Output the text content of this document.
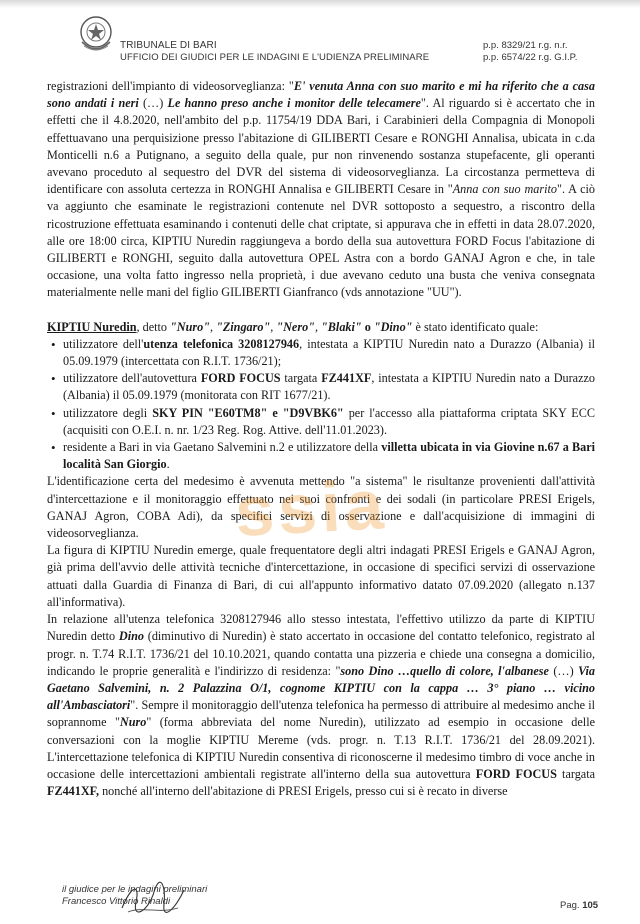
TRIBUNALE DI BARI
UFFICIO DEI GIUDICI PER LE INDAGINI E L'UDIENZA PRELIMINARE
p.p. 8329/21 r.g. n.r.
p.p. 6574/22 r.g. G.I.P.

registrazioni dell'impianto di videosorveglianza: "E' venuta Anna con suo marito e mi ha riferito che a casa sono andati i neri (…) Le hanno preso anche i monitor delle telecamere". Al riguardo si è accertato che in effetti che il 4.8.2020, nell'ambito del p.p. 11754/19 DDA Bari, i Carabinieri della Compagnia di Monopoli effettuavano una perquisizione presso l'abitazione di GILIBERTI Cesare e RONGHI Annalisa, ubicata in c.da Monticelli n.6 a Putignano, a seguito della quale, pur non rinvenendo sostanza stupefacente, gli operanti avevano proceduto al sequestro del DVR del sistema di videosorveglianza. La circostanza permetteva di identificare con assoluta certezza in RONGHI Annalisa e GILIBERTI Cesare in "Anna con suo marito". A ciò va aggiunto che esaminate le registrazioni contenute nel DVR sottoposto a sequestro, a riscontro della ricostruzione effettuata esaminando i contenuti delle chat criptate, si appurava che in effetti in data 28.07.2020, alle ore 18:00 circa, KIPTIU Nuredin raggiungeva a bordo della sua autovettura FORD Focus l'abitazione di GILIBERTI e RONGHI, seguito dalla autovettura OPEL Astra con a bordo GANAJ Agron e che, in tale occasione, una volta fatto ingresso nella proprietà, i due avevano ceduto una busta che veniva consegnata materialmente nelle mani del figlio GILIBERTI Gianfranco (vds annotazione "UU").

KIPTIU Nuredin, detto "Nuro", "Zingaro", "Nero", "Blaki" o "Dino" è stato identificato quale:

• utilizzatore dell'utenza telefonica 3208127946, intestata a KIPTIU Nuredin nato a Durazzo (Albania) il 05.09.1979 (intercettata con R.I.T. 1736/21);
• utilizzatore dell'autovettura FORD FOCUS targata FZ441XF, intestata a KIPTIU Nuredin nato a Durazzo (Albania) il 05.09.1979 (monitorata con RIT 1677/21).
• utilizzatore degli SKY PIN "E60TM8" e "D9VBK6" per l'accesso alla piattaforma criptata SKY ECC (acquisiti con O.E.I. n. nr. 1/23 Reg. Rog. Attive. dell'11.01.2023).
• residente a Bari in via Gaetano Salvemini n.2 e utilizzatore della villetta ubicata in via Giovine n.67 a Bari località San Giorgio.

L'identificazione certa del medesimo è avvenuta mettendo "a sistema" le risultanze provenienti dall'attività d'intercettazione e il monitoraggio effettuato nei suoi confronti e dei sodali (in particolare PRESI Erigels, GANAJ Agron, COBA Adi), da specifici servizi di osservazione e dall'acquisizione di immagini di videosorveglianza.

La figura di KIPTIU Nuredin emerge, quale frequentatore degli altri indagati PRESI Erigels e GANAJ Agron, già prima dell'avvio delle attività tecniche d'intercettazione, in occasione di specifici servizi di osservazione attuati dalla Guardia di Finanza di Bari, di cui all'appunto informativo datato 07.09.2020 (allegato n.137 all'informativa).

In relazione all'utenza telefonica 3208127946 allo stesso intestata, l'effettivo utilizzo da parte di KIPTIU Nuredin detto Dino (diminutivo di Nuredin) è stato accertato in occasione del contatto telefonico, registrato al progr. n. T.74 R.I.T. 1736/21 del 10.10.2021, quando contatta una pizzeria e chiede una consegna a domicilio, indicando le proprie generalità e l'indirizzo di residenza: "sono Dino …quello di colore, l'albanese (…) Via Gaetano Salvemini, n. 2 Palazzina O/1, cognome KIPTIU con la cappa … 3° piano … vicino all'Ambasciatori". Sempre il monitoraggio dell'utenza telefonica ha permesso di attribuire al medesimo anche il soprannome "Nuro" (forma abbreviata del nome Nuredin), utilizzato ad esempio in occasione delle conversazioni con la moglie KIPTIU Mereme (vds. progr. n. T.13 R.I.T. 1736/21 del 28.09.2021). L'intercettazione telefonica di KIPTIU Nuredin consentiva di riconoscerne il medesimo timbro di voce anche in occasione delle intercettazioni ambientali registrate all'interno della sua autovettura FORD FOCUS targata FZ441XF, nonché all'interno dell'abitazione di PRESI Erigels, presso cui si è recato in diverse

ssia
il giudice per le indagini preliminari
Francesco Vittorio Rinaldi	Pag. 105
